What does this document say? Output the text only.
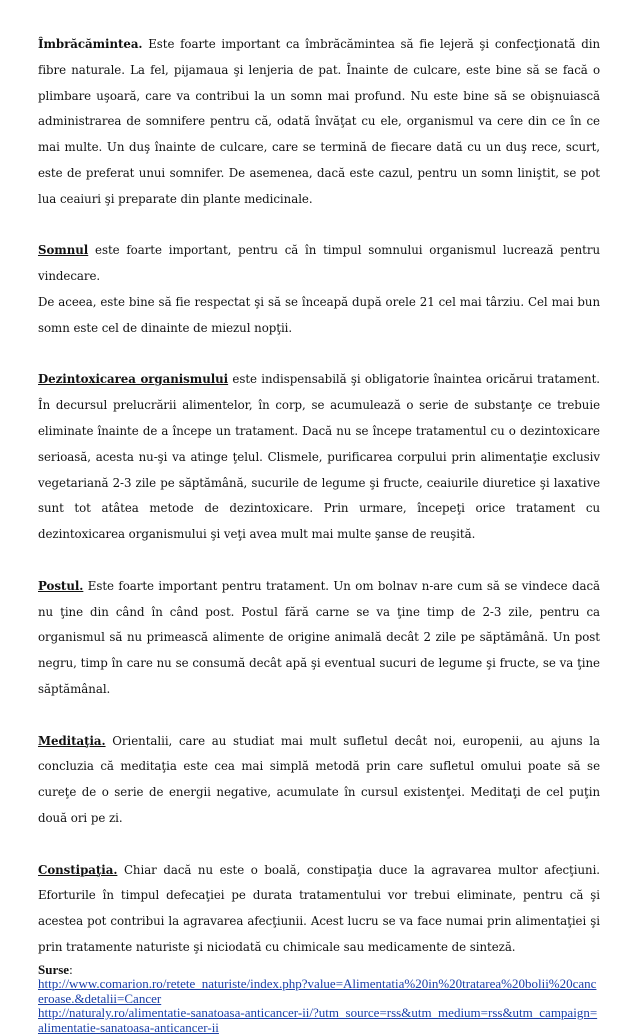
Îmbrăcămintea. Este foarte important ca îmbrăcămintea să fie lejeră şi confecţionată din fibre naturale. La fel, pijamaua şi lenjeria de pat. Înainte de culcare, este bine să se facă o plimbare uşoară, care va contribui la un somn mai profund. Nu este bine să se obişnuiască administrarea de somnifere pentru că, odată învăţat cu ele, organismul va cere din ce în ce mai multe. Un duş înainte de culcare, care se termină de fiecare dată cu un duş rece, scurt, este de preferat unui somnifer. De asemenea, dacă este cazul, pentru un somn liniştit, se pot lua ceaiuri şi preparate din plante medicinale.

Somnul este foarte important, pentru că în timpul somnului organismul lucrează pentru vindecare.
De aceea, este bine să fie respectat şi să se înceapă după orele 21 cel mai târziu. Cel mai bun somn este cel de dinainte de miezul nopţii.

Dezintoxicarea organismului este indispensabilă şi obligatorie înaintea oricărui tratament. În decursul prelucrării alimentelor, în corp, se acumulează o serie de substanţe ce trebuie eliminate înainte de a începe un tratament. Dacă nu se începe tratamentul cu o dezintoxicare serioasă, acesta nu-şi va atinge ţelul. Clismele, purificarea corpului prin alimentaţie exclusiv vegetariană 2-3 zile pe săptămână, sucurile de legume şi fructe, ceaiurile diuretice şi laxative sunt tot atâtea metode de dezintoxicare. Prin urmare, începeţi orice tratament cu dezintoxicarea organismului şi veţi avea mult mai multe şanse de reuşită.

Postul. Este foarte important pentru tratament. Un om bolnav n-are cum să se vindece dacă nu ţine din când în când post. Postul fără carne se va ţine timp de 2-3 zile, pentru ca organismul să nu primească alimente de origine animală decât 2 zile pe săptămână. Un post negru, timp în care nu se consumă decât apă şi eventual sucuri de legume şi fructe, se va ţine săptămânal.

Meditaţia. Orientalii, care au studiat mai mult sufletul decât noi, europenii, au ajuns la concluzia că meditaţia este cea mai simplă metodă prin care sufletul omului poate să se cureţe de o serie de energii negative, acumulate în cursul existenţei. Meditaţi de cel puţin două ori pe zi.

Constipaţia. Chiar dacă nu este o boală, constipaţia duce la agravarea multor afecţiuni. Eforturile în timpul defecaţiei pe durata tratamentului vor trebui eliminate, pentru că şi acestea pot contribui la agravarea afecţiunii. Acest lucru se va face numai prin alimentaţiei şi prin tratamente naturiste şi niciodată cu chimicale sau medicamente de sinteză.

Surse:
http://www.comarion.ro/retete_naturiste/index.php?value=Alimentatia%20in%20tratarea%20bolii%20canceroase.&detalii=Cancer
http://naturaly.ro/alimentatie-sanatoasa-anticancer-ii/?utm_source=rss&utm_medium=rss&utm_campaign=alimentatie-sanatoasa-anticancer-ii
